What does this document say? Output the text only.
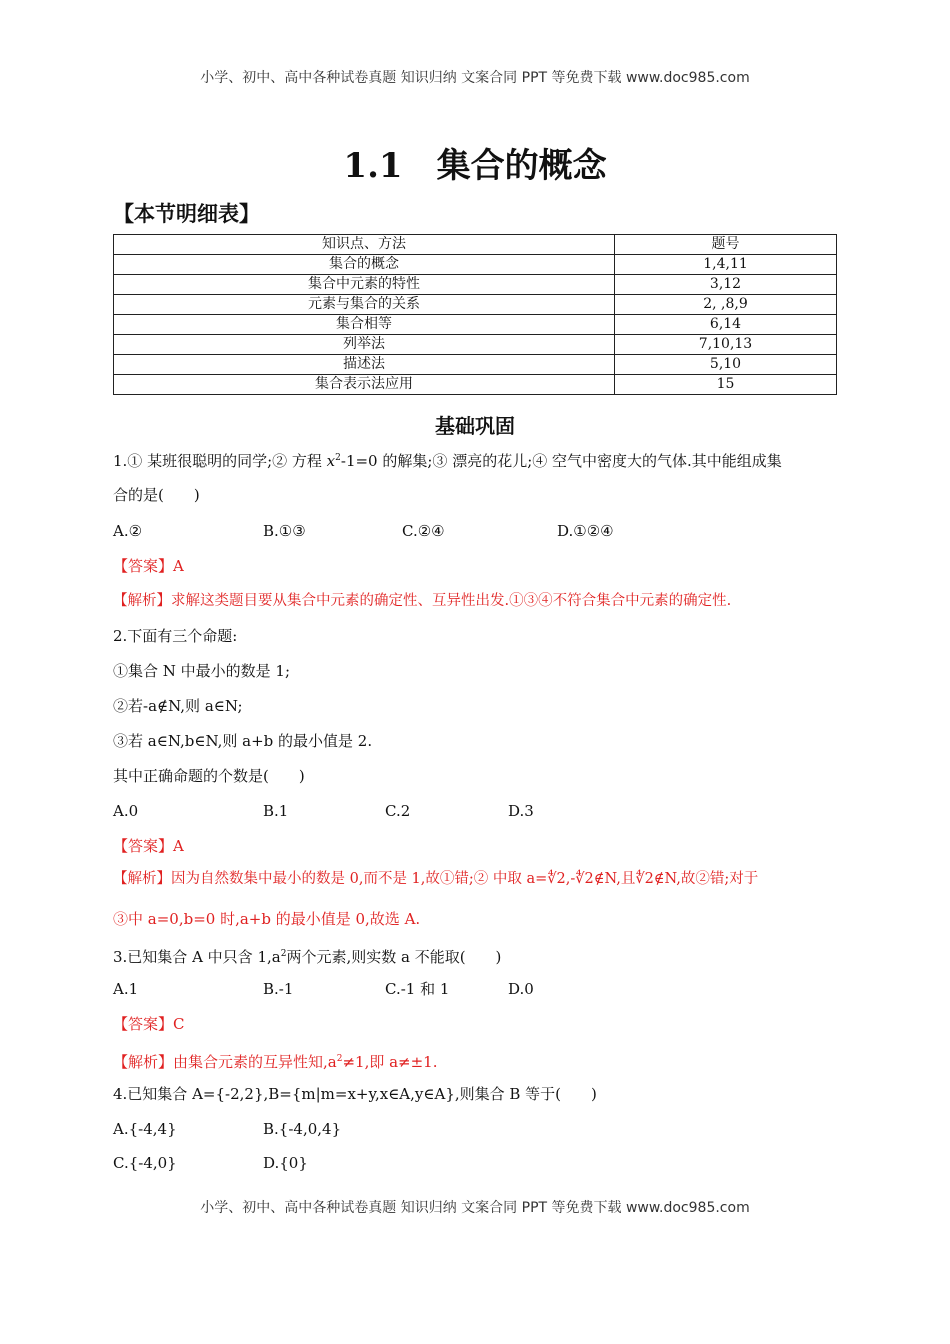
小学、初中、高中各种试卷真题 知识归纳 文案合同 PPT 等免费下载 www.doc985.com
1.1　集合的概念
【本节明细表】
知识点、方法	题号
集合的概念	1,4,11
集合中元素的特性	3,12
元素与集合的关系	2, ,8,9
集合相等	6,14
列举法	7,10,13
描述法	5,10
集合表示法应用	15
基础巩固
1.① 某班很聪明的同学;② 方程 $x^2-1=0$ 的解集;③ 漂亮的花儿;④ 空气中密度大的气体.其中能组成集
合的是(　　)
A.②	B.①③	C.②④	D.①②④
【答案】A
【解析】求解这类题目要从集合中元素的确定性、互异性出发.①③④不符合集合中元素的确定性.
2.下面有三个命题:
①集合 N 中最小的数是 1;
②若-a∉N,则 a∈N;
③若 a∈N,b∈N,则 a+b 的最小值是 2.
其中正确命题的个数是(　　)
A.0	B.1	C.2	D.3
【答案】A
【解析】因为自然数集中最小的数是 0,而不是 1,故①错;② 中取 a=∜2,-∜2∉N,且∜2∉N,故②错;对于
③中 a=0,b=0 时,a+b 的最小值是 0,故选 A.
3.已知集合 A 中只含 $1,a^2$两个元素,则实数 a 不能取(　　)
A.1	B.-1	C.-1 和 1	D.0
【答案】C
【解析】由集合元素的互异性知$,a^2\ne 1$,即 a≠±1.
4.已知集合 A={-2,2},B={m|m=x+y,x∈A,y∈A},则集合 B 等于(　　)
A.{-4,4}	B.{-4,0,4}
C.{-4,0}	D.{0}
小学、初中、高中各种试卷真题 知识归纳 文案合同 PPT 等免费下载 www.doc985.com
